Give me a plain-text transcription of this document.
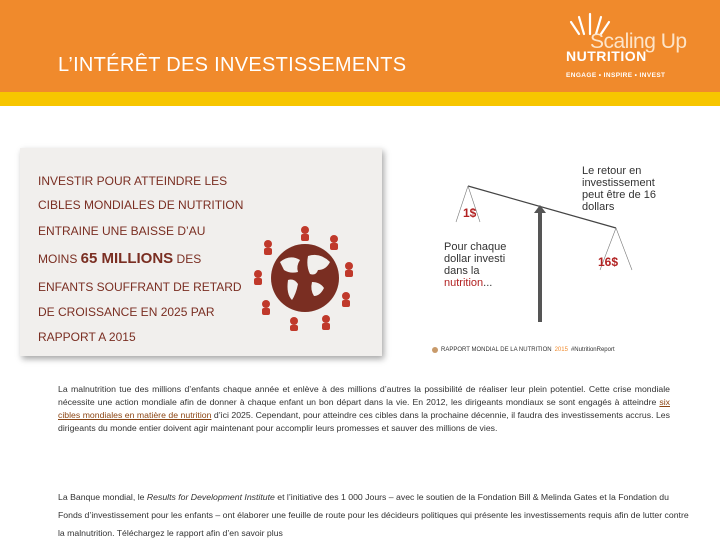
L’INTÉRÊT DES INVESTISSEMENTS
Scaling Up
NUTRITION
ENGAGE • INSPIRE • INVEST
INVESTIR POUR ATTEINDRE LES
CIBLES MONDIALES DE NUTRITION
ENTRAINE UNE BAISSE D’AU
MOINS 65 MILLIONS DES
ENFANTS SOUFFRANT DE RETARD
DE CROISSANCE EN 2025 PAR
RAPPORT A 2015
1$
16$
Le retour en
investissement
peut être de 16
dollars
Pour chaque
dollar investi
dans la
nutrition...
RAPPORT MONDIAL DE LA NUTRITION 2015 #NutritionReport
La malnutrition tue des millions d’enfants chaque année et enlève à des millions d’autres la possibilité de réaliser leur plein potentiel. Cette crise mondiale nécessite une action mondiale afin de donner à chaque enfant un bon départ dans la vie. En 2012, les dirigeants mondiaux se sont engagés à atteindre six cibles mondiales en matière de nutrition d’ici 2025. Cependant, pour atteindre ces cibles dans la prochaine décennie, il faudra des investissements accrus. Les dirigeants du monde entier doivent agir maintenant pour accomplir leurs promesses et sauver des millions de vies.
La Banque mondial, le Results for Development Institute et l’initiative des 1 000 Jours – avec le soutien de la Fondation Bill & Melinda Gates et la Fondation du Fonds d’investissement pour les enfants – ont élaborer une feuille de route pour les décideurs politiques qui présente les investissements requis afin de lutter contre la malnutrition. Téléchargez le rapport afin d’en savoir plus
